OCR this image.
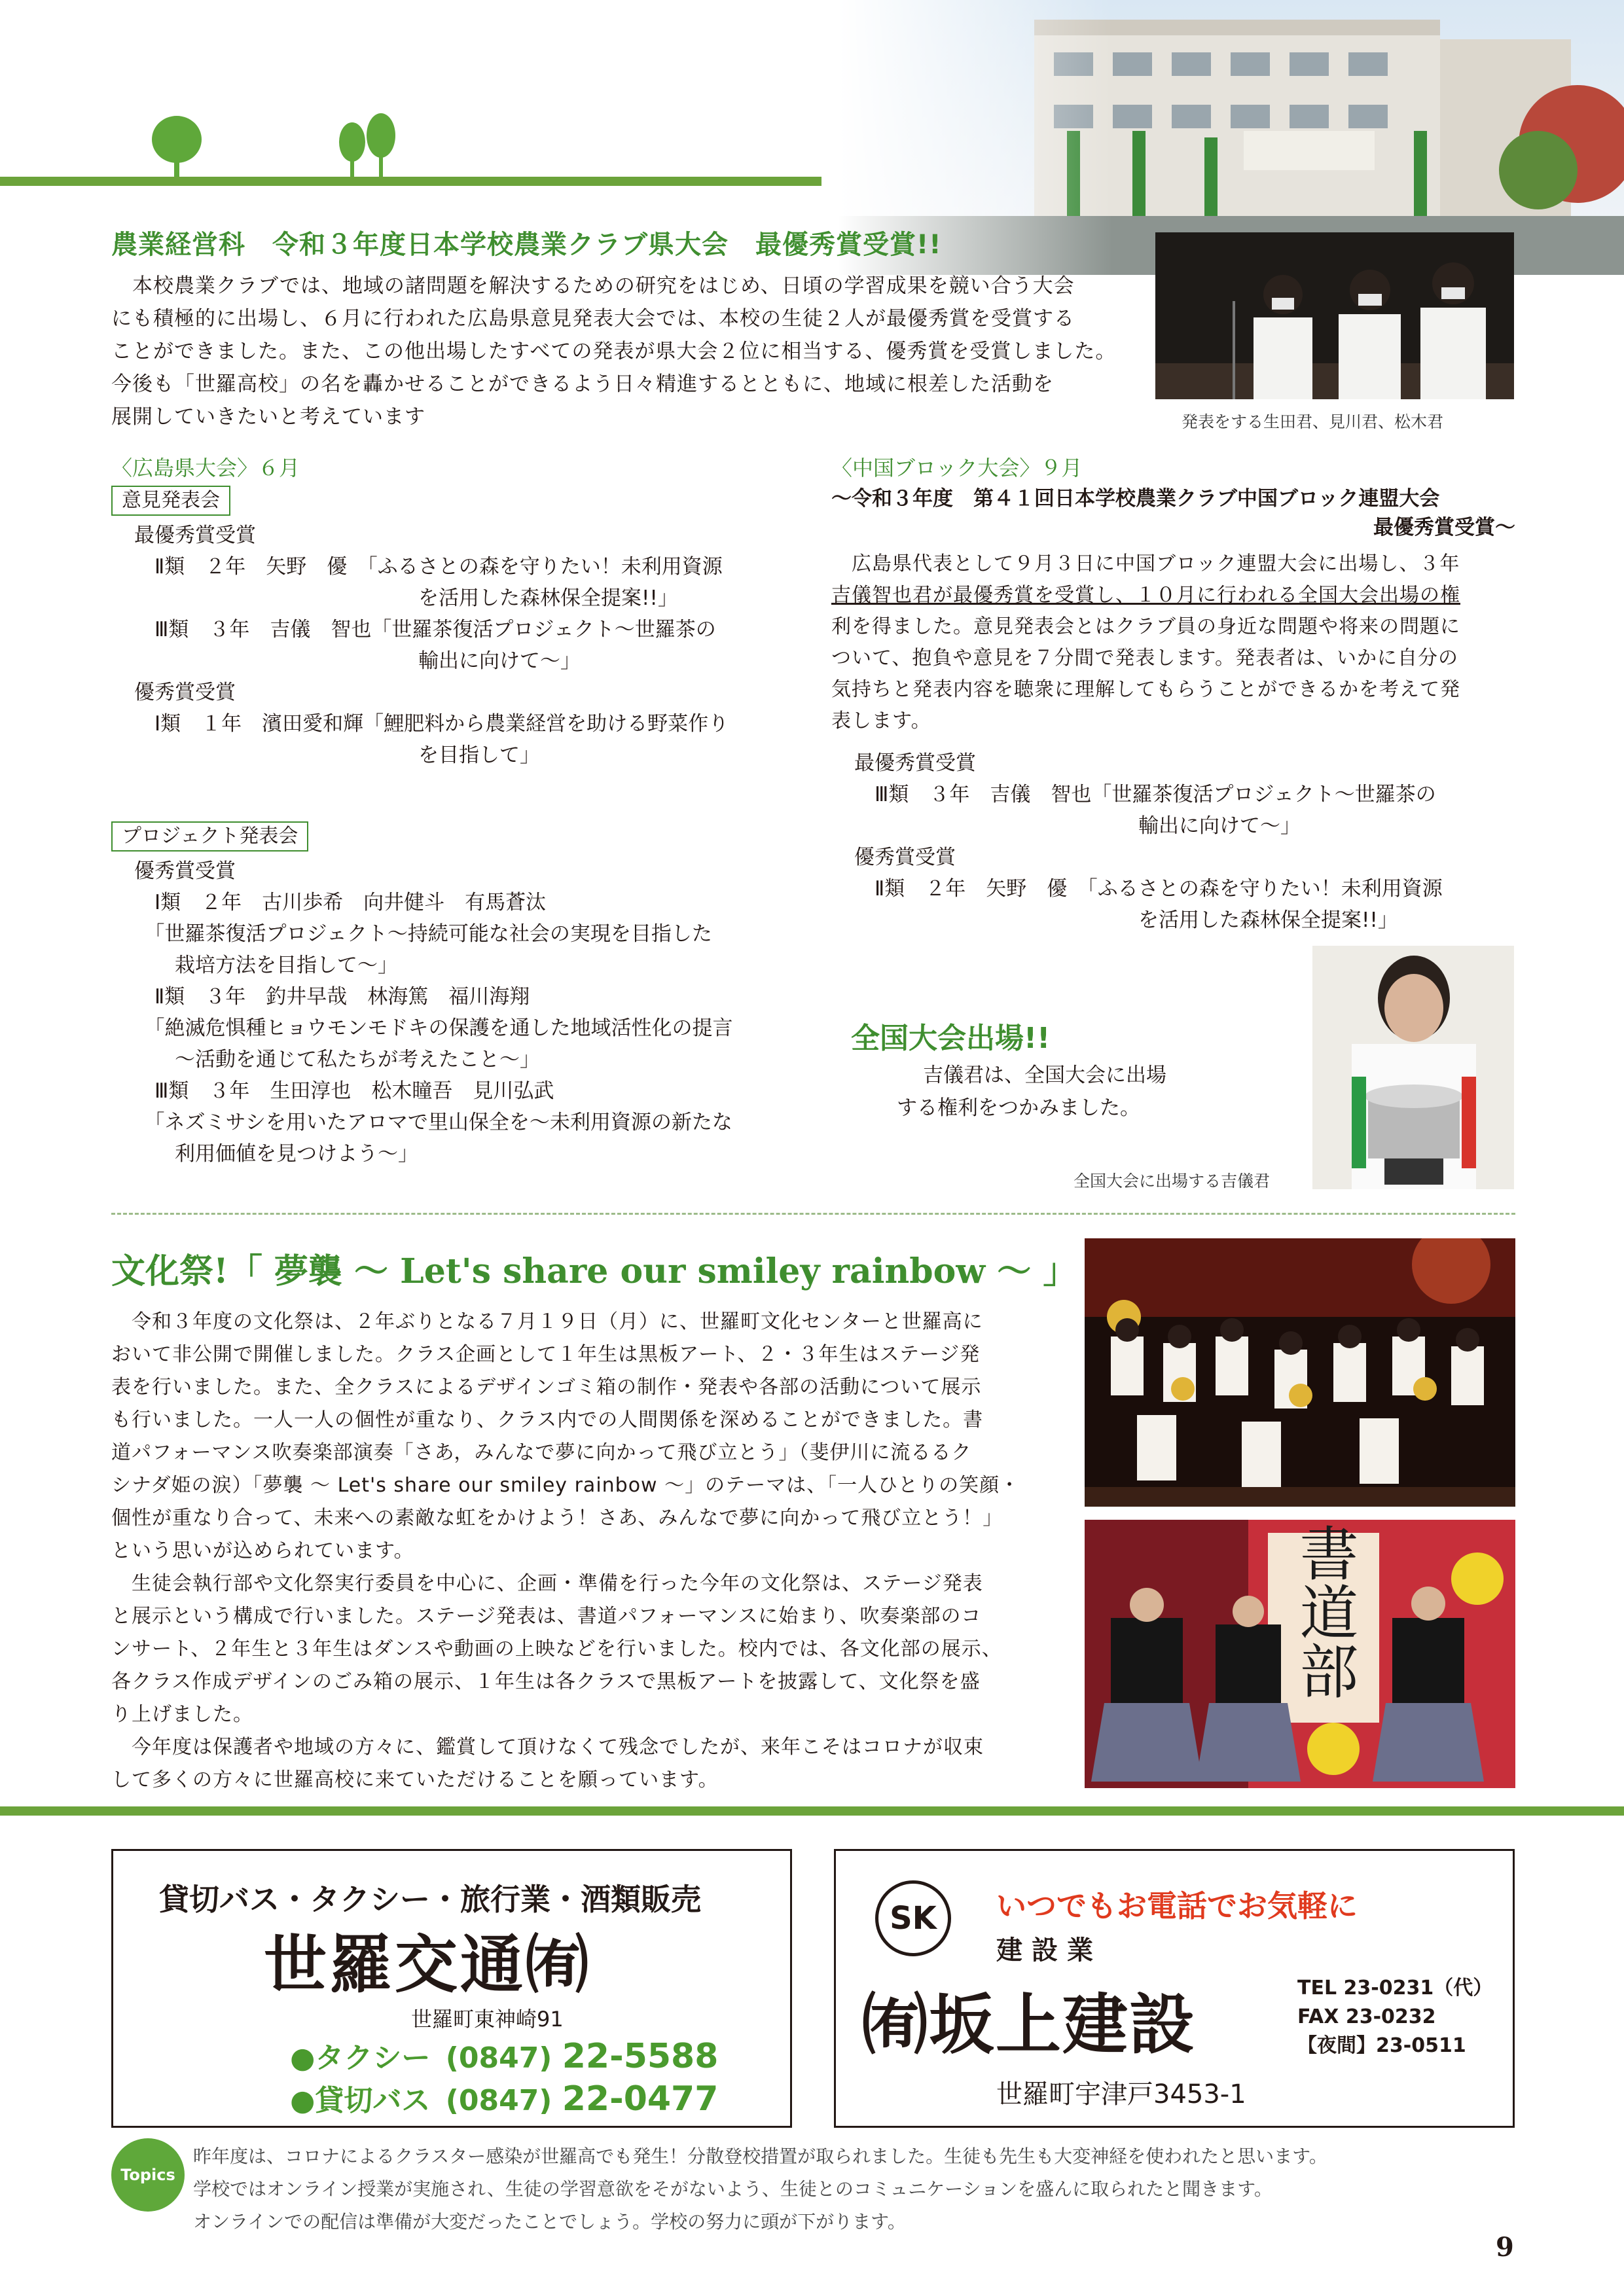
農業経営科　令和３年度日本学校農業クラブ県大会　最優秀賞受賞!!
　本校農業クラブでは、地域の諸問題を解決するための研究をはじめ、日頃の学習成果を競い合う大会
にも積極的に出場し、６月に行われた広島県意見発表大会では、本校の生徒２人が最優秀賞を受賞する
ことができました。また、この他出場したすべての発表が県大会２位に相当する、優秀賞を受賞しました。
今後も「世羅高校」の名を轟かせることができるよう日々精進するとともに、地域に根差した活動を
展開していきたいと考えています	発表をする生田君、見川君、松木君
〈広島県大会〉６月
意見発表会
最優秀賞受賞
　Ⅱ類　２年　矢野　優　「ふるさとの森を守りたい！未利用資源
　　　　　　　　　　　　　　を活用した森林保全提案!!」
　Ⅲ類　３年　吉儀　智也「世羅茶復活プロジェクト～世羅茶の
　　　　　　　　　　　　　　輸出に向けて～」
優秀賞受賞
　Ⅰ類　１年　濱田愛和輝「鯉肥料から農業経営を助ける野菜作り
　　　　　　　　　　　　　　を目指して」
プロジェクト発表会
優秀賞受賞
　Ⅰ類　２年　古川歩希　向井健斗　有馬蒼汰
　「世羅茶復活プロジェクト～持続可能な社会の実現を目指した
　　栽培方法を目指して～」
　Ⅱ類　３年　釣井早哉　林海篤　福川海翔
　「絶滅危惧種ヒョウモンモドキの保護を通した地域活性化の提言
　　～活動を通じて私たちが考えたこと～」
　Ⅲ類　３年　生田淳也　松木瞳吾　見川弘武
　「ネズミサシを用いたアロマで里山保全を～未利用資源の新たな
　　利用価値を見つけよう～」
〈中国ブロック大会〉９月
～令和３年度　第４１回日本学校農業クラブ中国ブロック連盟大会
最優秀賞受賞～
　広島県代表として９月３日に中国ブロック連盟大会に出場し、３年
吉儀智也君が最優秀賞を受賞し、１０月に行われる全国大会出場の権
利を得ました。意見発表会とはクラブ員の身近な問題や将来の問題に
ついて、抱負や意見を７分間で発表します。発表者は、いかに自分の
気持ちと発表内容を聴衆に理解してもらうことができるかを考えて発
表します。
最優秀賞受賞
　Ⅲ類　３年　吉儀　智也「世羅茶復活プロジェクト～世羅茶の
　　　　　　　　　　　　　　輸出に向けて～」
優秀賞受賞
　Ⅱ類　２年　矢野　優　「ふるさとの森を守りたい！未利用資源
　　　　　　　　　　　　　　を活用した森林保全提案!!」
全国大会出場!!
吉儀君は、全国大会に出場
する権利をつかみました。
全国大会に出場する吉儀君
文化祭!「 夢襲 ～ Let's share our smiley rainbow ～ 」
　令和３年度の文化祭は、２年ぶりとなる７月１９日（月）に、世羅町文化センターと世羅高に
おいて非公開で開催しました。クラス企画として１年生は黒板アート、２・３年生はステージ発
表を行いました。また、全クラスによるデザインゴミ箱の制作・発表や各部の活動について展示
も行いました。一人一人の個性が重なり、クラス内での人間関係を深めることができました。書
道パフォーマンス吹奏楽部演奏「さあ，みんなで夢に向かって飛び立とう」（斐伊川に流るるク
シナダ姫の涙）「夢襲 ～ Let's share our smiley rainbow ～」のテーマは、「一人ひとりの笑顔・
個性が重なり合って、未来への素敵な虹をかけよう！さあ、みんなで夢に向かって飛び立とう！」
という思いが込められています。
　生徒会執行部や文化祭実行委員を中心に、企画・準備を行った今年の文化祭は、ステージ発表
と展示という構成で行いました。ステージ発表は、書道パフォーマンスに始まり、吹奏楽部のコ
ンサート、２年生と３年生はダンスや動画の上映などを行いました。校内では、各文化部の展示、
各クラス作成デザインのごみ箱の展示、１年生は各クラスで黒板アートを披露して、文化祭を盛
り上げました。
　今年度は保護者や地域の方々に、鑑賞して頂けなくて残念でしたが、来年こそはコロナが収束
して多くの方々に世羅高校に来ていただけることを願っています。
書道部
貸切バス・タクシー・旅行業・酒類販売
世羅交通㈲
世羅町東神崎91
●タクシー (0847) 22-5588
●貸切バス (0847) 22-0477
SK	いつでもお電話でお気軽に
建設業
㈲坂上建設	TEL 23-0231（代）
FAX 23-0232
【夜間】23-0511
世羅町宇津戸3453-1
Topics
昨年度は、コロナによるクラスター感染が世羅高でも発生！分散登校措置が取られました。生徒も先生も大変神経を使われたと思います。
学校ではオンライン授業が実施され、生徒の学習意欲をそがないよう、生徒とのコミュニケーションを盛んに取られたと聞きます。
オンラインでの配信は準備が大変だったことでしょう。学校の努力に頭が下がります。
9
